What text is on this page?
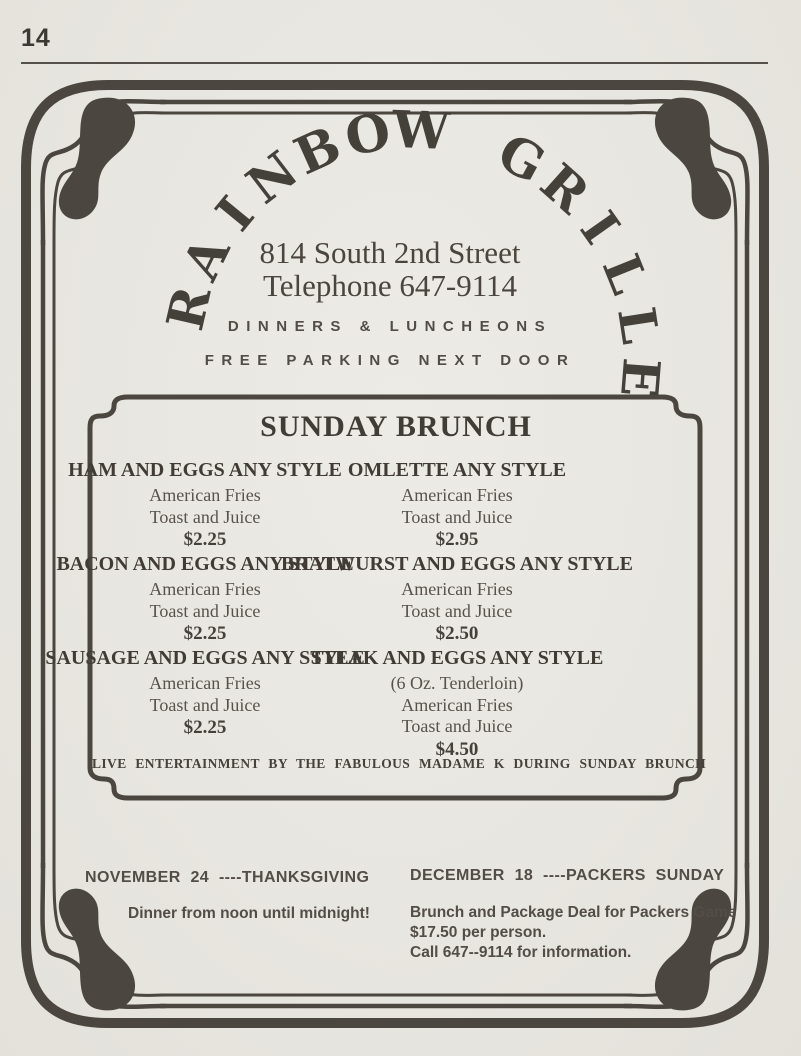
14
R
A
I
N
B
O
W G
R
I
L
L
E
814 South 2nd Street
Telephone 647-9114
DINNERS & LUNCHEONS
FREE PARKING NEXT DOOR
SUNDAY BRUNCH
HAM AND EGGS ANY STYLE
American Fries
Toast and Juice
$2.25
OMLETTE ANY STYLE
American Fries
Toast and Juice
$2.95
BACON AND EGGS ANY STYLE
American Fries
Toast and Juice
$2.25
BRATWURST AND EGGS ANY STYLE
American Fries
Toast and Juice
$2.50
SAUSAGE AND EGGS ANY STYLE
American Fries
Toast and Juice
$2.25
STEAK AND EGGS ANY STYLE
(6 Oz. Tenderloin)
American Fries
Toast and Juice
$4.50
LIVE ENTERTAINMENT BY THE FABULOUS MADAME K DURING SUNDAY BRUNCH
NOVEMBER 24 ----THANKSGIVING
Dinner from noon until midnight!
DECEMBER 18 ----PACKERS SUNDAY
Brunch and Package Deal for Packers Game
$17.50 per person.
Call 647--9114 for information.
